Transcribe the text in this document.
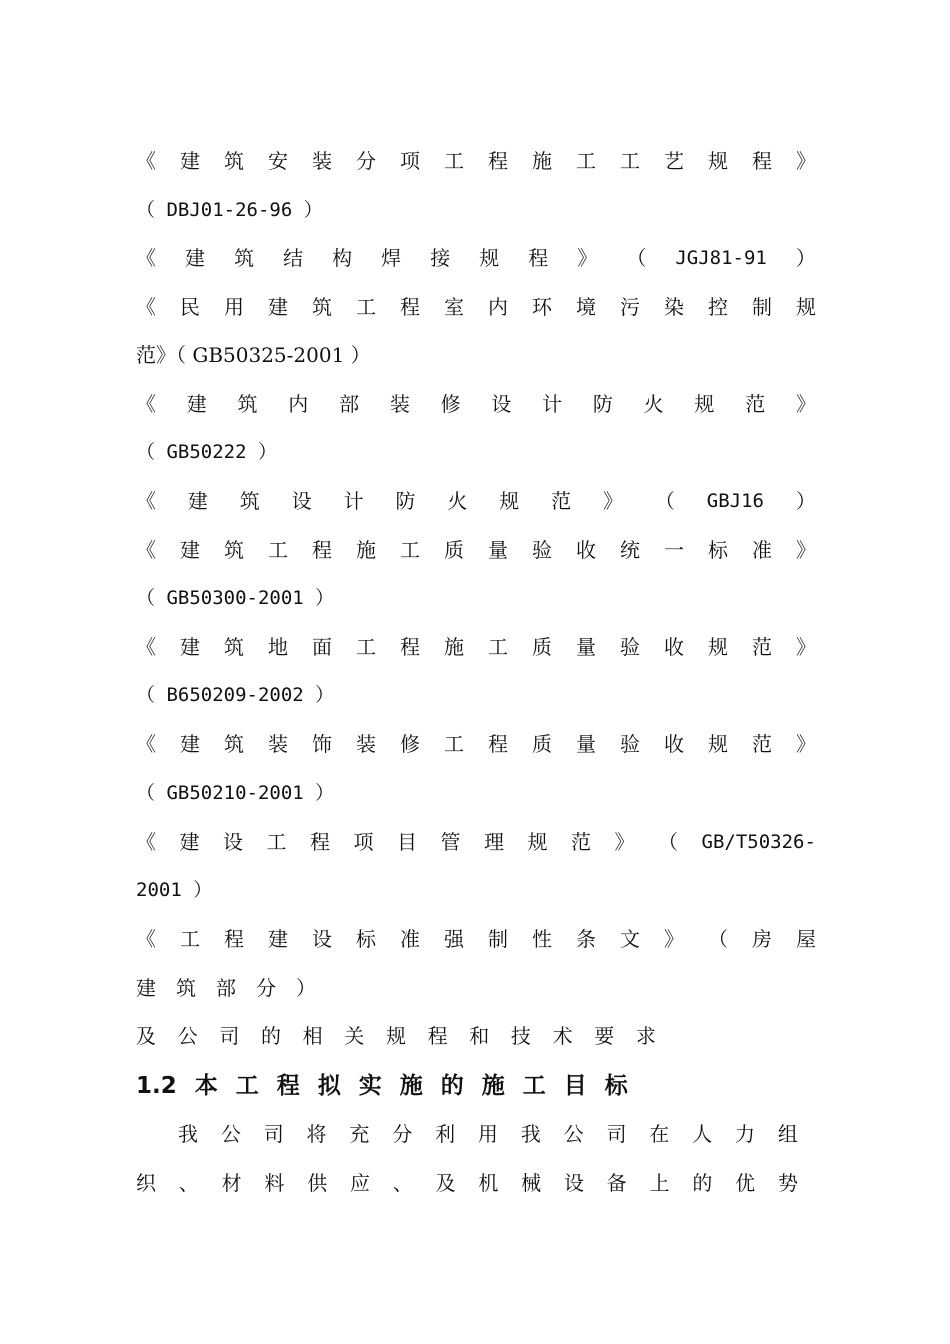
《 建 筑 安 装 分 项 工 程 施 工 工 艺 规 程 》
（ DBJ01-26-96 ）
《 建 筑 结 构 焊 接 规 程 》 （ JGJ81-91 ）
《 民 用 建 筑 工 程 室 内 环 境 污 染 控 制 规
范》（ GB50325-2001 ）
《 建 筑 内 部 装 修 设 计 防 火 规 范 》
（ GB50222 ）
《 建 筑 设 计 防 火 规 范 》 （ GBJ16 ）
《 建 筑 工 程 施 工 质 量 验 收 统 一 标 准 》
（ GB50300-2001 ）
《 建 筑 地 面 工 程 施 工 质 量 验 收 规 范 》
（ B650209-2002 ）
《 建 筑 装 饰 装 修 工 程 质 量 验 收 规 范 》
（ GB50210-2001 ）
《 建 设 工 程 项 目 管 理 规 范 》 （ GB/T50326-
2001 ）
《 工 程 建 设 标 准 强 制 性 条 文 》 （ 房 屋
建 筑 部 分 ）
及 公 司 的 相 关 规 程 和 技 术 要 求
1.2 本 工 程 拟 实 施 的 施 工 目 标
我 公 司 将 充 分 利 用 我 公 司 在 人 力 组
织 、 材 料 供 应 、 及 机 械 设 备 上 的 优 势
